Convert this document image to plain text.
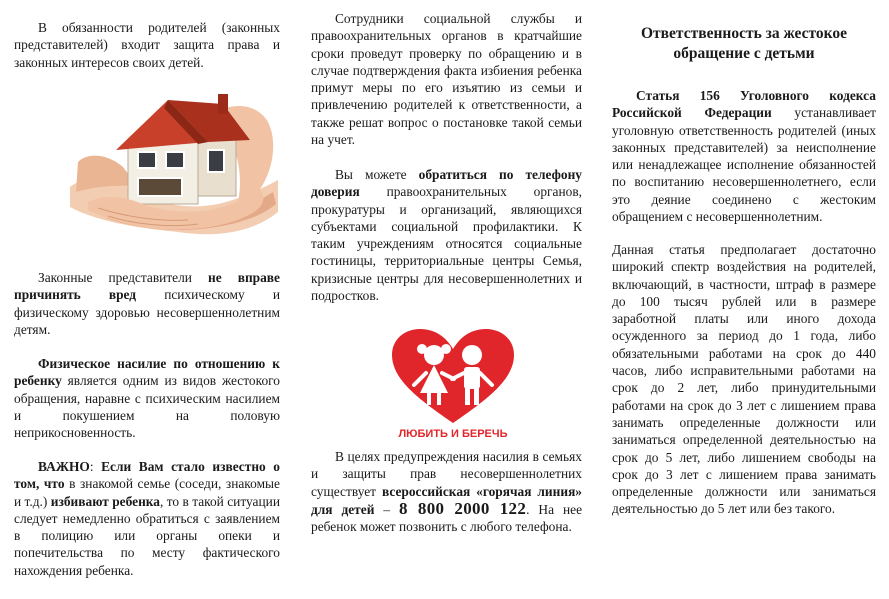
В обязанности родителей (законных представителей) входит защита права и законных интересов своих детей.

Законные представители не вправе причинять вред психическому и физическому здоровью несовершеннолетним детям.

Физическое насилие по отношению к ребенку является одним из видов жестокого обращения, наравне с психическим насилием и покушением на половую неприкосновенность.

ВАЖНО: Если Вам стало известно о том, что в знакомой семье (соседи, знакомые и т.д.) избивают ребенка, то в такой ситуации следует немедленно обратиться с заявлением в полицию или органы опеки и попечительства по месту фактического нахождения ребенка.

Сотрудники социальной службы и правоохранительных органов в кратчайшие сроки проведут проверку по обращению и в случае подтверждения факта избиения ребенка примут меры по его изъятию из семьи и привлечению родителей к ответственности, а также решат вопрос о постановке такой семьи на учет.

Вы можете обратиться по телефону доверия правоохранительных органов, прокуратуры и организаций, являющихся субъектами социальной профилактики. К таким учреждениям относятся социальные гостиницы, территориальные центры Семья, кризисные центры для несовершеннолетних и подростков.

ЛЮБИТЬ И БЕРЕЧЬ

В целях предупреждения насилия в семьях и защиты прав несовершеннолетних существует всероссийская «горячая линия» для детей – 8 800 2000 122. На нее ребенок может позвонить с любого телефона.

Ответственность за жестокое обращение с детьми

Статья 156 Уголовного кодекса Российской Федерации устанавливает уголовную ответственность родителей (иных законных представителей) за неисполнение или ненадлежащее исполнение обязанностей по воспитанию несовершеннолетнего, если это деяние соединено с жестоким обращением с несовершеннолетним.

Данная статья предполагает достаточно широкий спектр воздействия на родителей, включающий, в частности, штраф в размере до 100 тысяч рублей или в размере заработной платы или иного дохода осужденного за период до 1 года, либо обязательными работами на срок до 440 часов, либо исправительными работами на срок до 2 лет, либо принудительными работами на срок до 3 лет с лишением права занимать определенные должности или заниматься определенной деятельностью на срок до 5 лет, либо лишением свободы на срок до 3 лет с лишением права занимать определенные должности или заниматься деятельностью до 5 лет или без такого.
